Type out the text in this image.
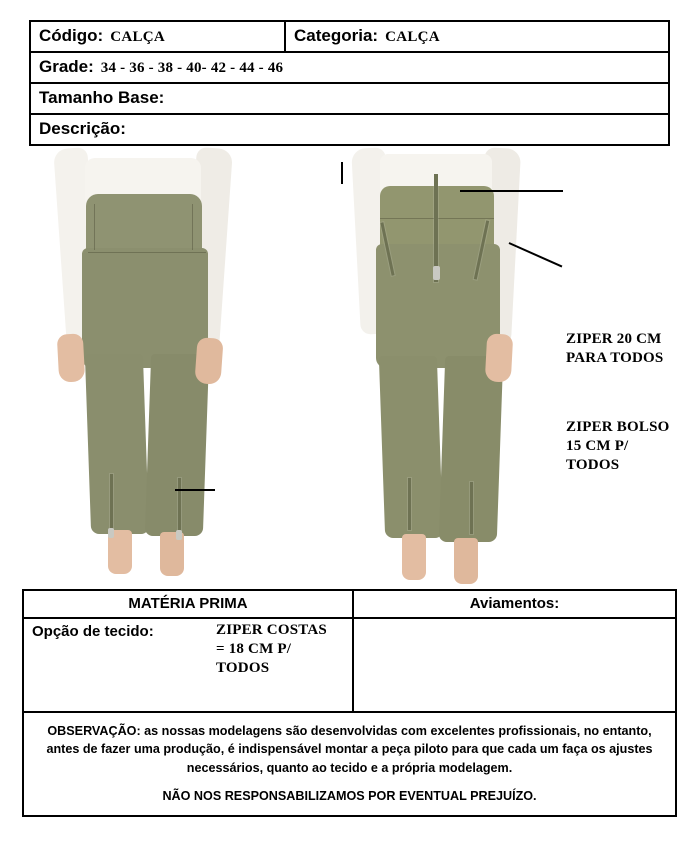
Código: CALÇA	Categoria: CALÇA
Grade: 34 - 36 - 38 - 40- 42 - 44 - 46
Tamanho Base:
Descrição:
ZIPER 20 CM
PARA TODOS
ZIPER BOLSO
15 CM P/
TODOS
ZIPER COSTAS
= 18 CM P/
TODOS
MATÉRIA PRIMA	Aviamentos:
Opção de tecido:

OBSERVAÇÃO: as nossas modelagens são desenvolvidas com excelentes profissionais, no entanto, antes de fazer uma produção, é indispensável montar a peça piloto para que cada um faça os ajustes necessários, quanto ao tecido e a própria modelagem.

NÃO NOS RESPONSABILIZAMOS POR EVENTUAL PREJUÍZO.
